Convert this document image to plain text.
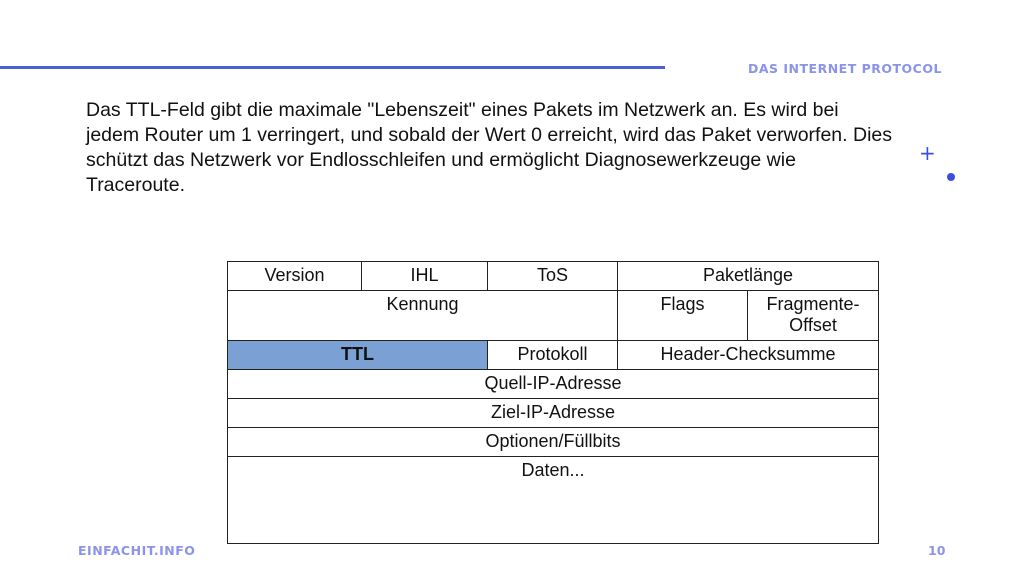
DAS INTERNET PROTOCOL
Das TTL-Feld gibt die maximale "Lebenszeit" eines Pakets im Netzwerk an. Es wird bei jedem Router um 1 verringert, und sobald der Wert 0 erreicht, wird das Paket verworfen. Dies schützt das Netzwerk vor Endlosschleifen und ermöglicht Diagnosewerkzeuge wie Traceroute.
+
Version	IHL	ToS	Paketlänge	
Kennung			Flags	Fragmente-Offset
TTL		Protokoll	Header-Checksumme	
Quell-IP-Adresse				
Ziel-IP-Adresse				
Optionen/Füllbits				
Daten...				
EINFACHIT.INFO	10
